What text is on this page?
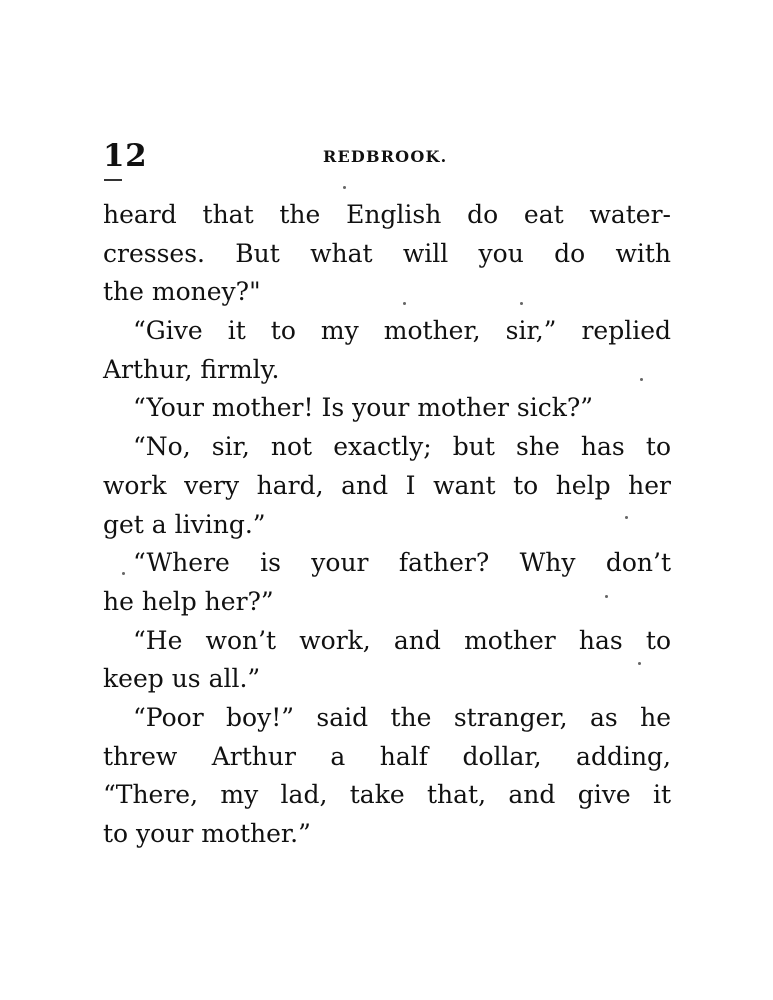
12	REDBROOK.
heard that the English do eat water-
cresses. But what will you do with
the money?"
“Give it to my mother, sir,” replied
Arthur, firmly.
“Your mother! Is your mother sick?”
“No, sir, not exactly; but she has to
work very hard, and I want to help her
get a living.”
“Where is your father? Why don’t
he help her?”
“He won’t work, and mother has to
keep us all.”
“Poor boy!” said the stranger, as he
threw Arthur a half dollar, adding,
“There, my lad, take that, and give it
to your mother.”
